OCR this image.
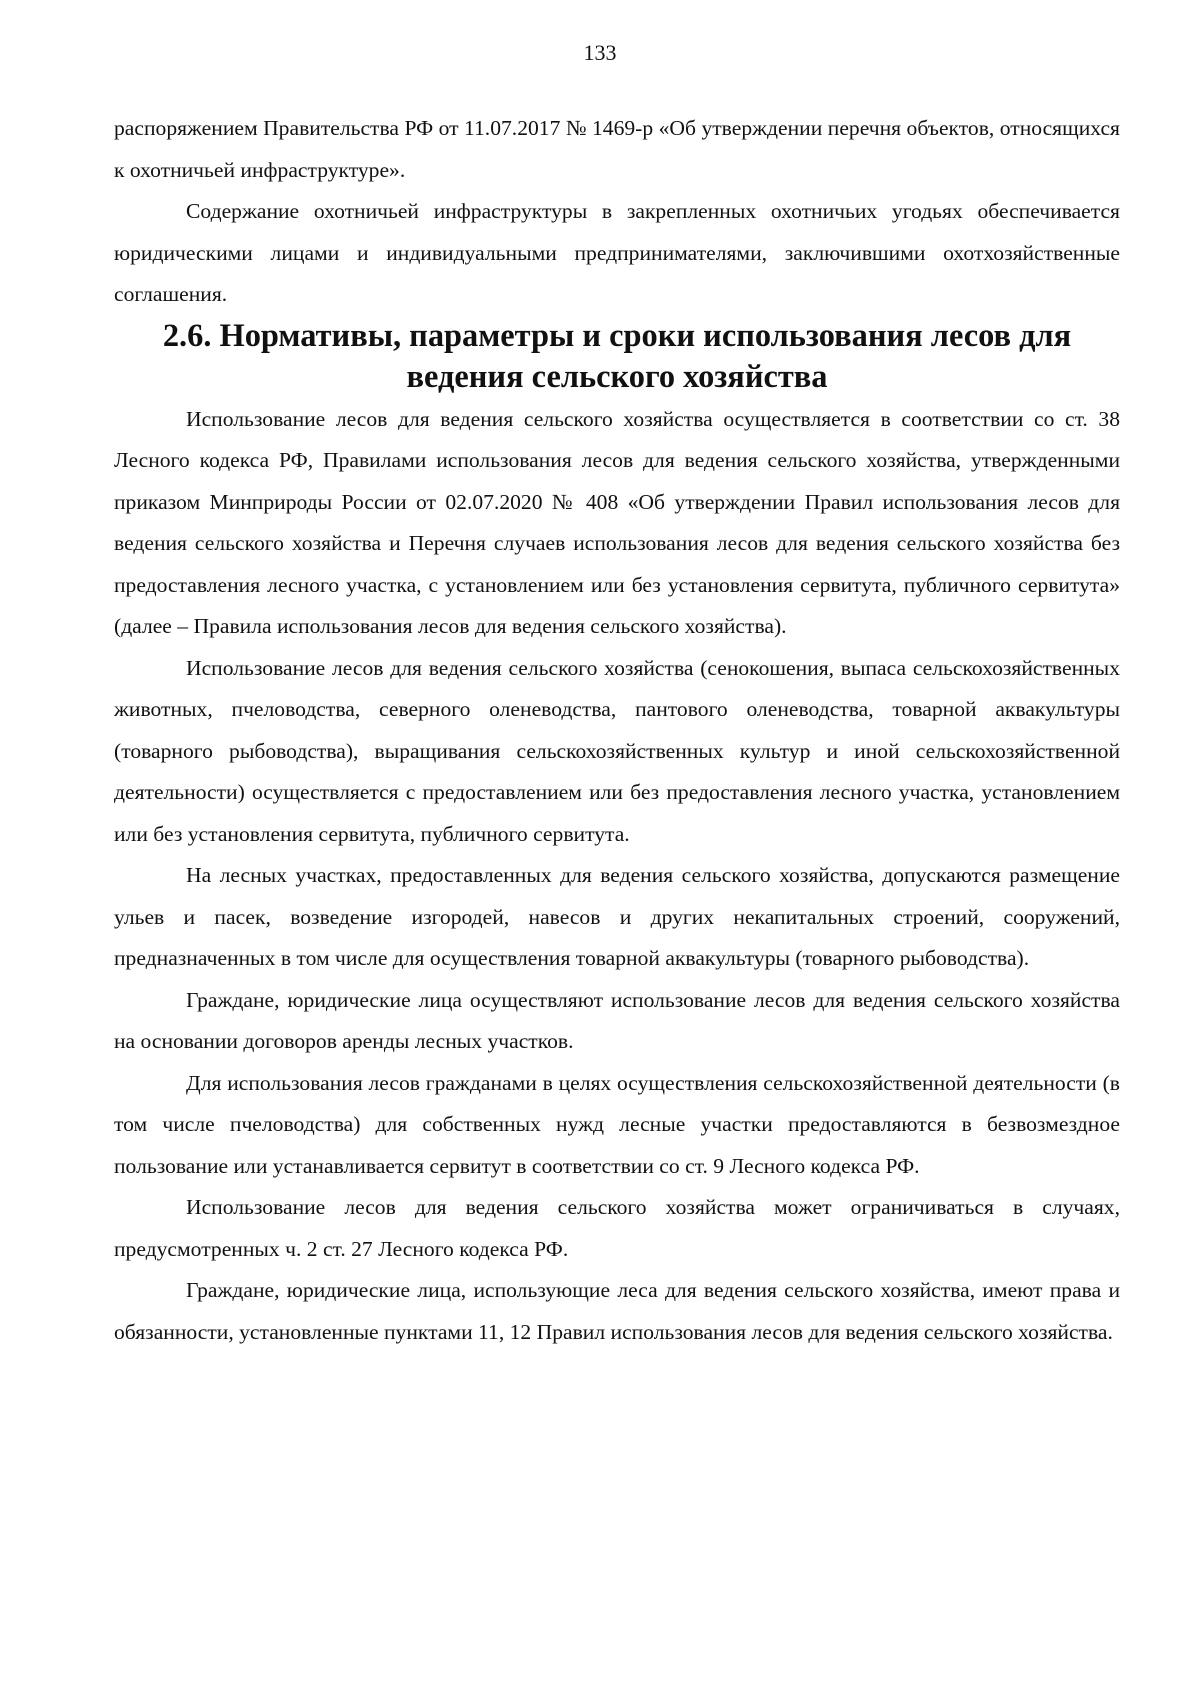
133

распоряжением Правительства РФ от 11.07.2017 № 1469-р «Об утверждении перечня объектов, относящихся к охотничьей инфраструктуре».

Содержание охотничьей инфраструктуры в закрепленных охотничьих угодьях обеспечивается юридическими лицами и индивидуальными предпринимателями, заключившими охотхозяйственные соглашения.

2.6. Нормативы, параметры и сроки использования лесов для ведения сельского хозяйства

Использование лесов для ведения сельского хозяйства осуществляется в соответствии со ст. 38 Лесного кодекса РФ, Правилами использования лесов для ведения сельского хозяйства, утвержденными приказом Минприроды России от 02.07.2020 № 408 «Об утверждении Правил использования лесов для ведения сельского хозяйства и Перечня случаев использования лесов для ведения сельского хозяйства без предоставления лесного участка, с установлением или без установления сервитута, публичного сервитута» (далее – Правила использования лесов для ведения сельского хозяйства).

Использование лесов для ведения сельского хозяйства (сенокошения, выпаса сельскохозяйственных животных, пчеловодства, северного оленеводства, пантового оленеводства, товарной аквакультуры (товарного рыбоводства), выращивания сельскохозяйственных культур и иной сельскохозяйственной деятельности) осуществляется с предоставлением или без предоставления лесного участка, установлением или без установления сервитута, публичного сервитута.

На лесных участках, предоставленных для ведения сельского хозяйства, допускаются размещение ульев и пасек, возведение изгородей, навесов и других некапитальных строений, сооружений, предназначенных в том числе для осуществления товарной аквакультуры (товарного рыбоводства).

Граждане, юридические лица осуществляют использование лесов для ведения сельского хозяйства на основании договоров аренды лесных участков.

Для использования лесов гражданами в целях осуществления сельскохозяйственной деятельности (в том числе пчеловодства) для собственных нужд лесные участки предоставляются в безвозмездное пользование или устанавливается сервитут в соответствии со ст. 9 Лесного кодекса РФ.

Использование лесов для ведения сельского хозяйства может ограничиваться в случаях, предусмотренных ч. 2 ст. 27 Лесного кодекса РФ.

Граждане, юридические лица, использующие леса для ведения сельского хозяйства, имеют права и обязанности, установленные пунктами 11, 12 Правил использования лесов для ведения сельского хозяйства.
